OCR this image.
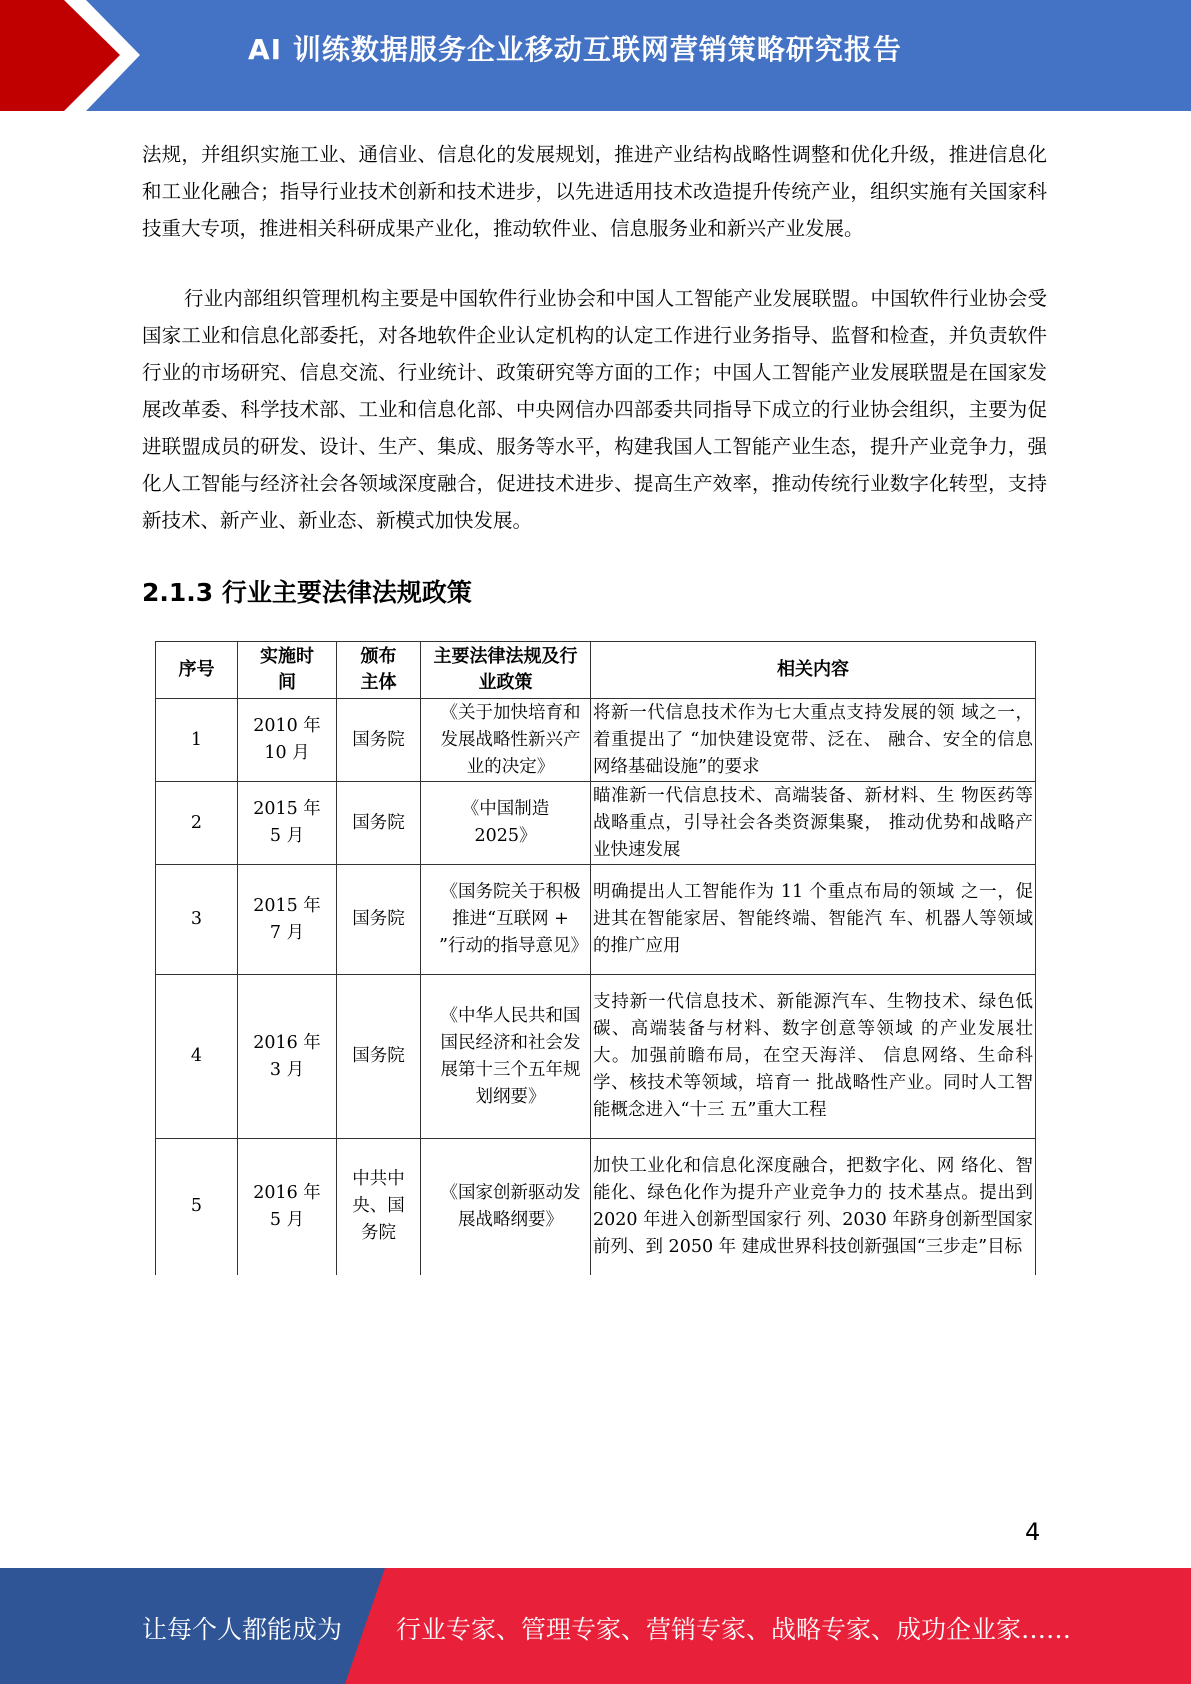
AI 训练数据服务企业移动互联网营销策略研究报告

法规，并组织实施工业、通信业、信息化的发展规划，推进产业结构战略性调整和优化升级，推进信息化和工业化融合；指导行业技术创新和技术进步，以先进适用技术改造提升传统产业，组织实施有关国家科技重大专项，推进相关科研成果产业化，推动软件业、信息服务业和新兴产业发展。

行业内部组织管理机构主要是中国软件行业协会和中国人工智能产业发展联盟。中国软件行业协会受国家工业和信息化部委托，对各地软件企业认定机构的认定工作进行业务指导、监督和检查，并负责软件行业的市场研究、信息交流、行业统计、政策研究等方面的工作；中国人工智能产业发展联盟是在国家发展改革委、科学技术部、工业和信息化部、中央网信办四部委共同指导下成立的行业协会组织，主要为促进联盟成员的研发、设计、生产、集成、服务等水平，构建我国人工智能产业生态，提升产业竞争力，强化人工智能与经济社会各领域深度融合，促进技术进步、提高生产效率，推动传统行业数字化转型，支持新技术、新产业、新业态、新模式加快发展。

2.1.3 行业主要法律法规政策
序号	实施时间	颁布主体	主要法律法规及行业政策	相关内容
1	2010 年 10 月	国务院	《关于加快培育和发展战略性新兴产业的决定》	将新一代信息技术作为七大重点支持发展的领 域之一，着重提出了 “加快建设宽带、泛在、 融合、安全的信息网络基础设施”的要求
2	2015 年 5 月	国务院	《中国制造 2025》	瞄准新一代信息技术、高端装备、新材料、生 物医药等战略重点，引导社会各类资源集聚， 推动优势和战略产业快速发展
3	2015 年 7 月	国务院	《国务院关于积极推进“互联网 + ”行动的指导意见》	明确提出人工智能作为 11 个重点布局的领域 之一，促进其在智能家居、智能终端、智能汽 车、机器人等领域的推广应用
4	2016 年 3 月	国务院	《中华人民共和国国民经济和社会发展第十三个五年规划纲要》	支持新一代信息技术、新能源汽车、生物技术、绿色低碳、高端装备与材料、数字创意等领域 的产业发展壮大。加强前瞻布局，在空天海洋、 信息网络、生命科学、核技术等领域，培育一 批战略性产业。同时人工智能概念进入“十三 五”重大工程
5	2016 年 5 月	中共中央、国务院	《国家创新驱动发展战略纲要》	加快工业化和信息化深度融合，把数字化、网 络化、智能化、绿色化作为提升产业竞争力的 技术基点。提出到 2020 年进入创新型国家行 列、2030 年跻身创新型国家前列、到 2050 年 建成世界科技创新强国“三步走”目标
4
让每个人都能成为 行业专家、管理专家、营销专家、战略专家、成功企业家……
